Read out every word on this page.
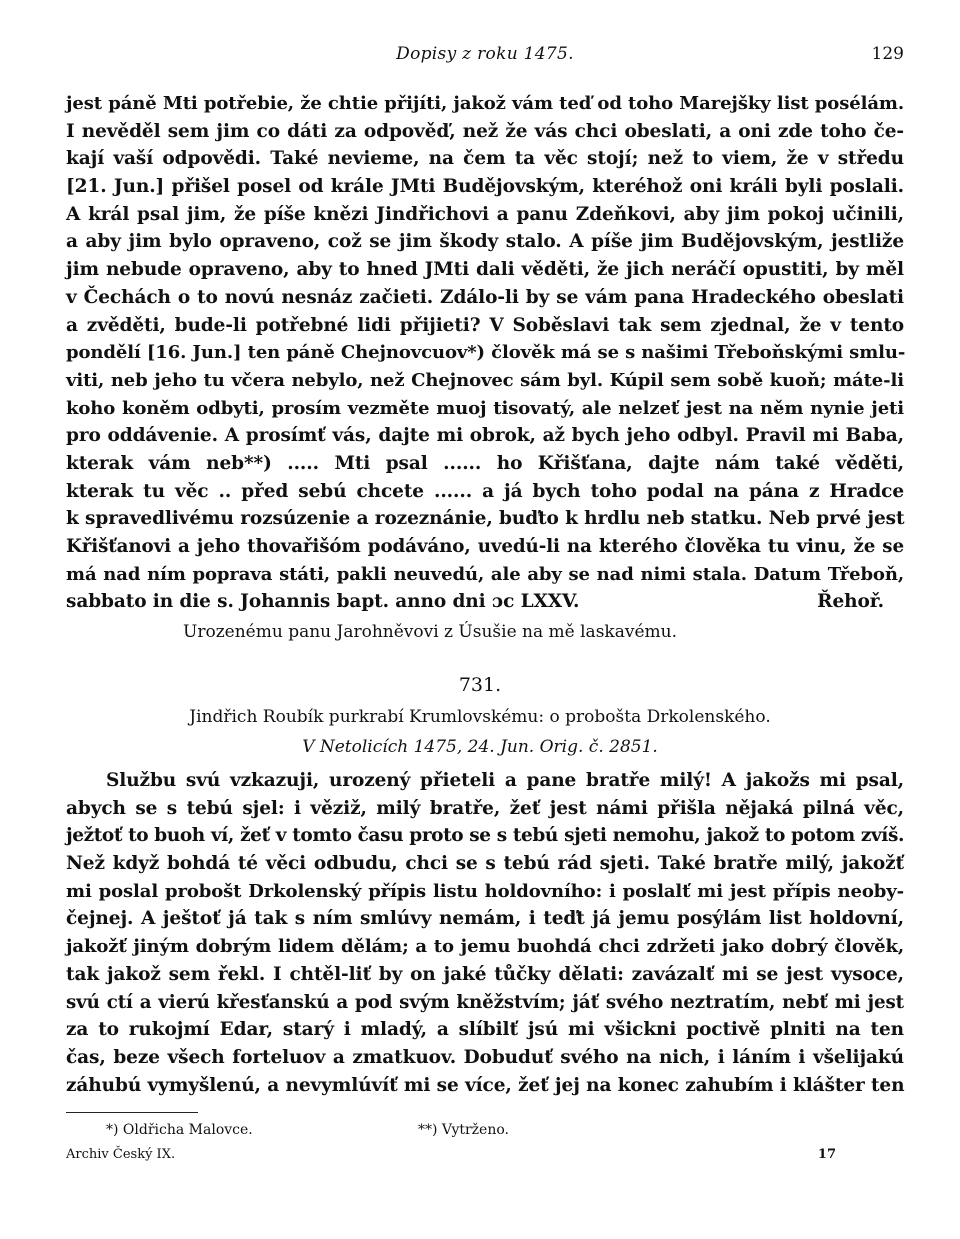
Dopisy z roku 1475.	129
jest páně Mti potřebie, že chtie přijíti, jakož vám teď od toho Marejšky list posélám.
I nevěděl sem jim co dáti za odpověď, než že vás chci obeslati, a oni zde toho če-
kají vaší odpovědi. Také nevieme, na čem ta věc stojí; než to viem, že v středu
[21. Jun.] přišel posel od krále JMti Budějovským, kteréhož oni králi byli poslali.
A král psal jim, že píše knězi Jindřichovi a panu Zdeňkovi, aby jim pokoj učinili,
a aby jim bylo opraveno, což se jim škody stalo. A píše jim Budějovským, jestliže
jim nebude opraveno, aby to hned JMti dali věděti, že jich neráčí opustiti, by měl
v Čechách o to novú nesnáz začieti. Zdálo-li by se vám pana Hradeckého obeslati
a zvěděti, bude-li potřebné lidi přijieti? V Soběslavi tak sem zjednal, že v tento
pondělí [16. Jun.] ten páně Chejnovcuov*) člověk má se s našimi Třeboňskými smlu-
viti, neb jeho tu včera nebylo, než Chejnovec sám byl. Kúpil sem sobě kuoň; máte-li
koho koněm odbyti, prosím vezměte muoj tisovatý, ale nelzeť jest na něm nynie jeti
pro oddávenie. A prosímť vás, dajte mi obrok, až bych jeho odbyl. Pravil mi Baba,
kterak vám neb**) ..... Mti psal ...... ho Křišťana, dajte nám také věděti,
kterak tu věc .. před sebú chcete ...... a já bych toho podal na pána z Hradce
k spravedlivému rozsúzenie a rozeznánie, buďto k hrdlu neb statku. Neb prvé jest
Křišťanovi a jeho thovařišóm podáváno, uvedú-li na kterého člověka tu vinu, že se
má nad ním poprava státi, pakli neuvedú, ale aby se nad nimi stala. Datum Třeboň,
sabbato in die s. Johannis bapt. anno dni ɔc LXXV.	Řehoř.
Urozenému panu Jarohněvovi z Úsušie na mě laskavému.
731.
Jindřich Roubík purkrabí Krumlovskému: o probošta Drkolenského.
V Netolicích 1475, 24. Jun. Orig. č. 2851.
Službu svú vzkazuji, urozený přieteli a pane bratře milý! A jakožs mi psal,
abych se s tebú sjel: i věziž, milý bratře, žeť jest námi přišla nějaká pilná věc,
ježtoť to buoh ví, žeť v tomto času proto se s tebú sjeti nemohu, jakož to potom zvíš.
Než když bohdá té věci odbudu, chci se s tebú rád sjeti. Také bratře milý, jakožť
mi poslal probošt Drkolenský přípis listu holdovního: i poslalť mi jest přípis neoby-
čejnej. A ještoť já tak s ním smlúvy nemám, i teďt já jemu posýlám list holdovní,
jakožť jiným dobrým lidem dělám; a to jemu buohdá chci zdržeti jako dobrý člověk,
tak jakož sem řekl. I chtěl-liť by on jaké tůčky dělati: zavázalť mi se jest vysoce,
svú ctí a vierú křesťanskú a pod svým kněžstvím; jáť svého neztratím, nebť mi jest
za to rukojmí Edar, starý i mladý, a slíbilť jsú mi všickni poctivě plniti na ten
čas, beze všech forteluov a zmatkuov. Dobuduť svého na nich, i láním i všelijakú
záhubú vymyšlenú, a nevymlúvíť mi se více, žeť jej na konec zahubím i klášter ten
*) Oldřicha Malovce.	**) Vytrženo.
Archiv Český IX.	17
